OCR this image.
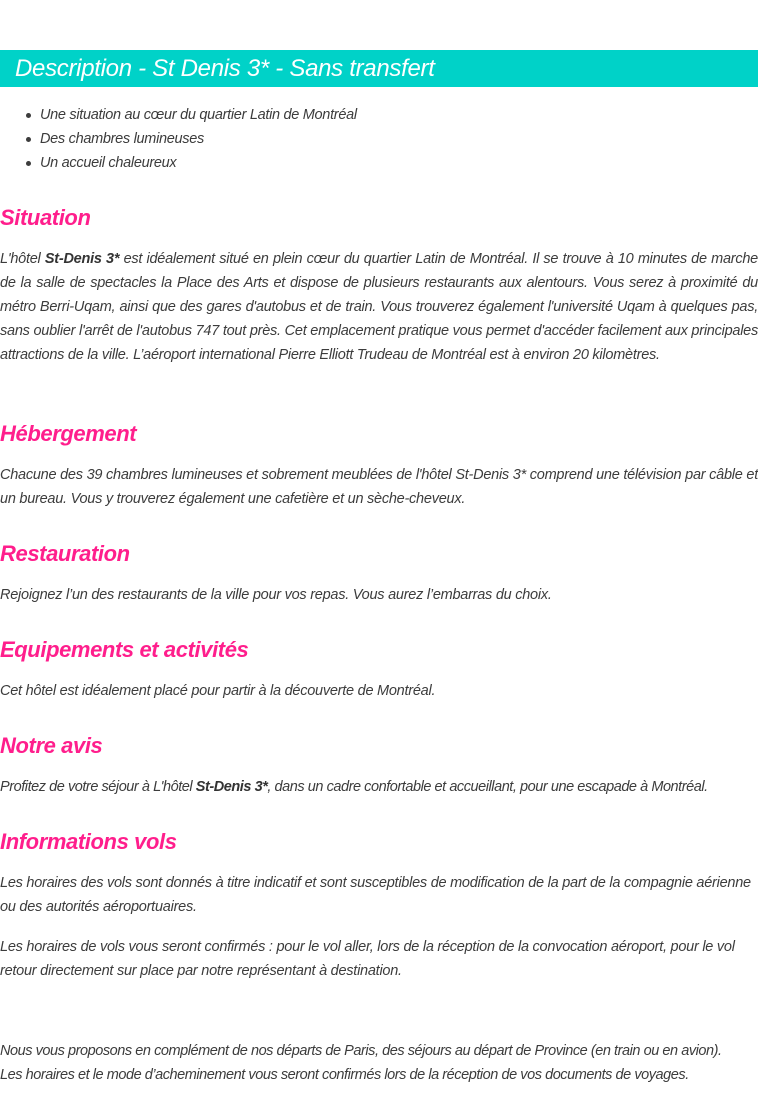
Description - St Denis 3* - Sans transfert
Une situation au cœur du quartier Latin de Montréal
Des chambres lumineuses
Un accueil chaleureux
Situation

L'hôtel St-Denis 3* est idéalement situé en plein cœur du quartier Latin de Montréal. Il se trouve à 10 minutes de marche de la salle de spectacles la Place des Arts et dispose de plusieurs restaurants aux alentours. Vous serez à proximité du métro Berri-Uqam, ainsi que des gares d'autobus et de train. Vous trouverez également l'université Uqam à quelques pas, sans oublier l'arrêt de l'autobus 747 tout près. Cet emplacement pratique vous permet d'accéder facilement aux principales attractions de la ville. L’aéroport international Pierre Elliott Trudeau de Montréal est à environ 20 kilomètres.

Hébergement

Chacune des 39 chambres lumineuses et sobrement meublées de l'hôtel St-Denis 3* comprend une télévision par câble et un bureau. Vous y trouverez également une cafetière et un sèche-cheveux.

Restauration

Rejoignez l’un des restaurants de la ville pour vos repas. Vous aurez l’embarras du choix.

Equipements et activités

Cet hôtel est idéalement placé pour partir à la découverte de Montréal.

Notre avis

Profitez de votre séjour à L'hôtel St-Denis 3*, dans un cadre confortable et accueillant, pour une escapade à Montréal.

Informations vols

Les horaires des vols sont donnés à titre indicatif et sont susceptibles de modification de la part de la compagnie aérienne ou des autorités aéroportuaires.

Les horaires de vols vous seront confirmés : pour le vol aller, lors de la réception de la convocation aéroport, pour le vol retour directement sur place par notre représentant à destination.

Nous vous proposons en complément de nos départs de Paris, des séjours au départ de Province (en train ou en avion).

Les horaires et le mode d’acheminement vous seront confirmés lors de la réception de vos documents de voyages.
